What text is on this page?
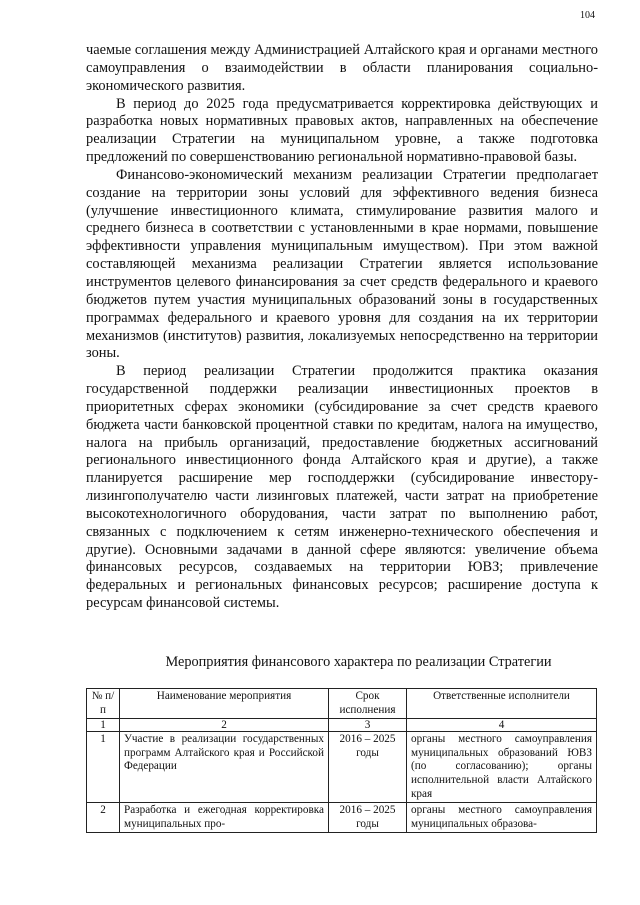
104

чаемые соглашения между Администрацией Алтайского края и органами местного самоуправления о взаимодействии в области планирования социально-экономического развития.

В период до 2025 года предусматривается корректировка действующих и разработка новых нормативных правовых актов, направленных на обеспечение реализации Стратегии на муниципальном уровне, а также подготовка предложений по совершенствованию региональной нормативно-правовой базы.

Финансово-экономический механизм реализации Стратегии предполагает создание на территории зоны условий для эффективного ведения бизнеса (улучшение инвестиционного климата, стимулирование развития малого и среднего бизнеса в соответствии с установленными в крае нормами, повышение эффективности управления муниципальным имуществом). При этом важной составляющей механизма реализации Стратегии является использование инструментов целевого финансирования за счет средств федерального и краевого бюджетов путем участия муниципальных образований зоны в государственных программах федерального и краевого уровня для создания на их территории механизмов (институтов) развития, локализуемых непосредственно на территории зоны.

В период реализации Стратегии продолжится практика оказания государственной поддержки реализации инвестиционных проектов в приоритетных сферах экономики (субсидирование за счет средств краевого бюджета части банковской процентной ставки по кредитам, налога на имущество, налога на прибыль организаций, предоставление бюджетных ассигнований регионального инвестиционного фонда Алтайского края и другие), а также планируется расширение мер господдержки (субсидирование инвестору-лизингополучателю части лизинговых платежей, части затрат на приобретение высокотехнологичного оборудования, части затрат по выполнению работ, связанных с подключением к сетям инженерно-технического обеспечения и другие). Основными задачами в данной сфере являются: увеличение объема финансовых ресурсов, создаваемых на территории ЮВЗ; привлечение федеральных и региональных финансовых ресурсов; расширение доступа к ресурсам финансовой системы.

Мероприятия финансового характера по реализации Стратегии
№ п/п	Наименование мероприятия	Срок исполнения	Ответственные исполнители
1	2	3	4
1	Участие в реализации государственных программ Алтайского края и Российской Федерации	2016 – 2025 годы	органы местного самоуправления муниципальных образований ЮВЗ (по согласованию); органы исполнительной власти Алтайского края
2	Разработка и ежегодная корректировка муниципальных про-	2016 – 2025 годы	органы местного самоуправления муниципальных образова-
